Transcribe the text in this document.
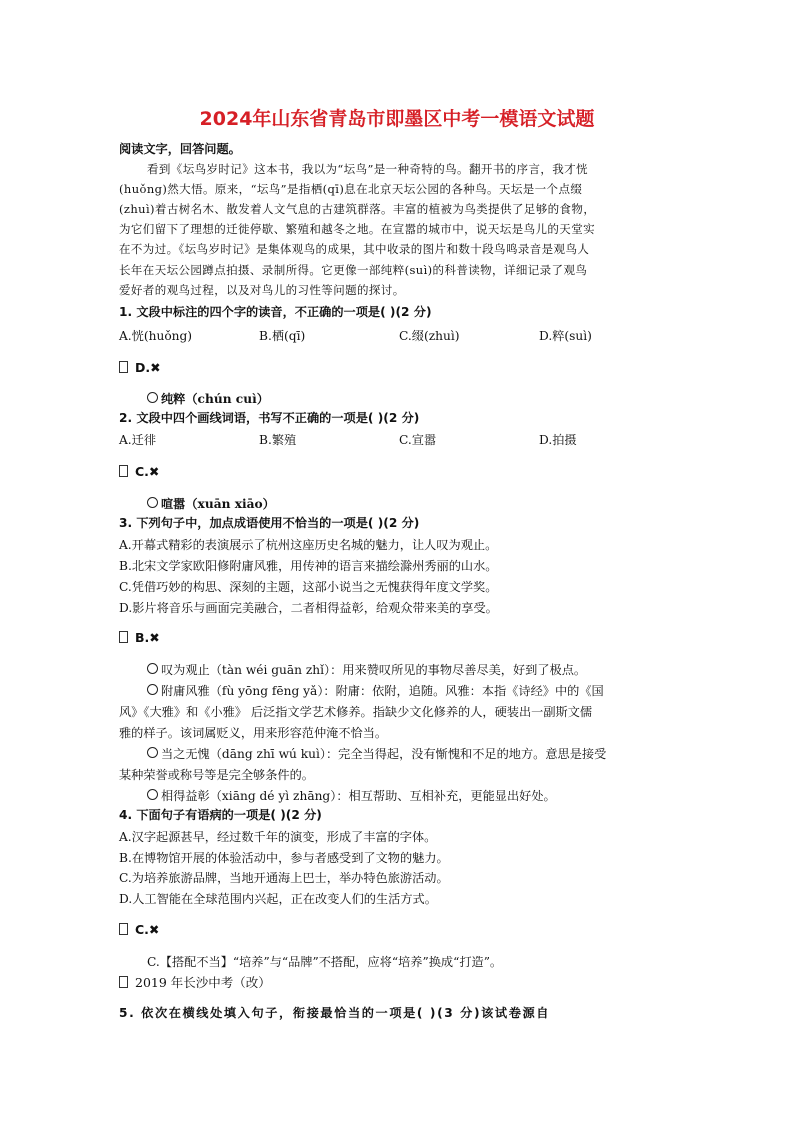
2024年山东省青岛市即墨区中考一模语文试题
阅读文字，回答问题。
看到《坛鸟岁时记》这本书，我以为“坛鸟”是一种奇特的鸟。翻开书的序言，我才恍
(huǒng)然大悟。原来，“坛鸟”是指栖(qī)息在北京天坛公园的各种鸟。天坛是一个点缀
(zhuì)着古树名木、散发着人文气息的古建筑群落。丰富的植被为鸟类提供了足够的食物，
为它们留下了理想的迁徙停歇、繁殖和越冬之地。在宣嚣的城市中，说天坛是鸟儿的天堂实
在不为过。《坛鸟岁时记》是集体观鸟的成果，其中收录的图片和数十段鸟鸣录音是观鸟人
长年在天坛公园蹲点拍摄、录制所得。它更像一部纯粹(suì)的科普读物，详细记录了观鸟
爱好者的观鸟过程，以及对鸟儿的习性等问题的探讨。
1. 文段中标注的四个字的读音，不正确的一项是( )(2 分)
A.恍(huǒng)	B.栖(qī)	C.缀(zhuì)	D.粹(suì)
D.✖
纯粹（chún cuì）
2. 文段中四个画线词语，书写不正确的一项是( )(2 分)
A.迁徘	B.繁殖	C.宣嚣	D.拍摄
C.✖
喧嚣（xuān xiāo）
3. 下列句子中，加点成语使用不恰当的一项是( )(2 分)
A.开幕式精彩的表演展示了杭州这座历史名城的魅力，让人叹为观止。
B.北宋文学家欧阳修附庸风雅，用传神的语言来描绘滁州秀丽的山水。
C.凭借巧妙的构思、深刻的主题，这部小说当之无愧获得年度文学奖。
D.影片将音乐与画面完美融合，二者相得益彰，给观众带来美的享受。
B.✖
叹为观止（tàn wéi guān zhǐ）：用来赞叹所见的事物尽善尽美，好到了极点。
附庸风雅（fù yōng fēng yǎ）：附庸：依附，追随。风雅：本指《诗经》中的《国
风》《大雅》和《小雅》 后泛指文学艺术修养。指缺少文化修养的人，硬装出一副斯文儒
雅的样子。该词属贬义，用来形容范仲淹不恰当。
当之无愧（dāng zhī wú kuì）：完全当得起，没有惭愧和不足的地方。意思是接受
某种荣誉或称号等是完全够条件的。
相得益彰（xiāng dé yì zhāng）：相互帮助、互相补充，更能显出好处。
4. 下面句子有语病的一项是( )(2 分)
A.汉字起源甚早，经过数千年的演变，形成了丰富的字体。
B.在博物馆开展的体验活动中，参与者感受到了文物的魅力。
C.为培养旅游品牌，当地开通海上巴士，举办特色旅游活动。
D.人工智能在全球范围内兴起，正在改变人们的生活方式。
C.✖
C.【搭配不当】“培养”与“品牌”不搭配，应将“培养”换成“打造”。
2019 年长沙中考（改）
5. 依次在横线处填入句子，衔接最恰当的一项是( )(3 分)该试卷源自
